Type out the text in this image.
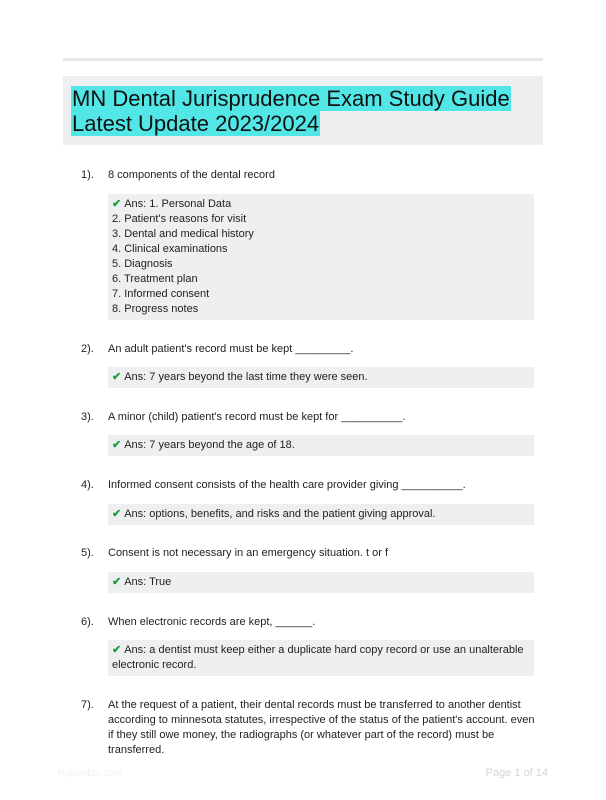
MN Dental Jurisprudence Exam Study Guide
Latest Update 2023/2024
1). 8 components of the dental record

✔ Ans: 1. Personal Data
2. Patient's reasons for visit
3. Dental and medical history
4. Clinical examinations
5. Diagnosis
6. Treatment plan
7. Informed consent
8. Progress notes
2). An adult patient's record must be kept _________.

✔ Ans: 7 years beyond the last time they were seen.
3). A minor (child) patient's record must be kept for __________.

✔ Ans: 7 years beyond the age of 18.
4). Informed consent consists of the health care provider giving __________.

✔ Ans: options, benefits, and risks and the patient giving approval.
5). Consent is not necessary in an emergency situation. t or f

✔ Ans: True
6). When electronic records are kept, ______.

✔ Ans: a dentist must keep either a duplicate hard copy record or use an unalterable
electronic record.
7). At the request of a patient, their dental records must be transferred to another dentist according to minnesota statutes, irrespective of the status of the patient's account. even if they still owe money, the radiographs (or whatever part of the record) must be transferred.

Papertbtc.com	Page 1 of 14
